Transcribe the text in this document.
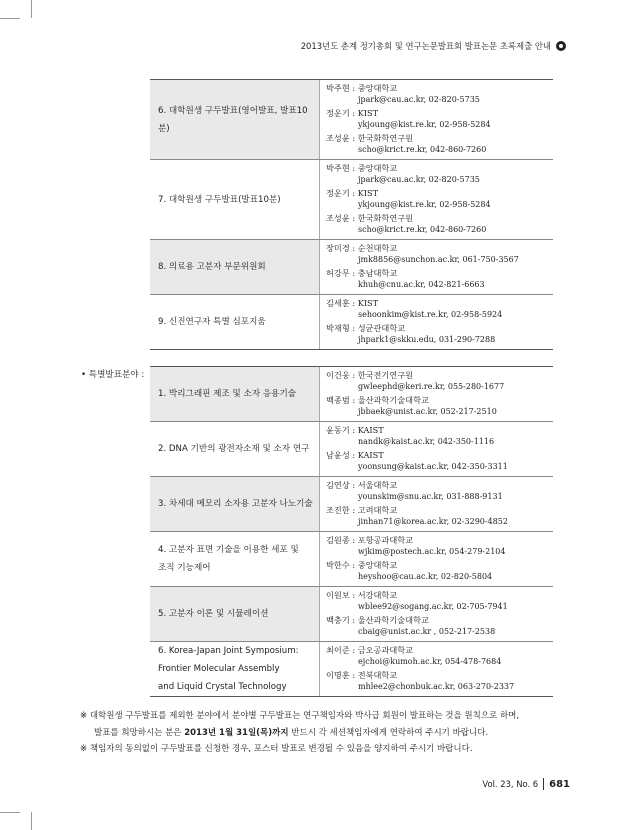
2013년도 춘계 정기총회 및 연구논문발표회 발표논문 초록제출 안내
6. 대학원생 구두발표(영어발표, 발표10분)
박주현 : 중앙대학교
jpark@cau.ac.kr, 02-820-5735
정운기 : KIST
ykjoung@kist.re.kr, 02-958-5284
조성윤 : 한국화학연구원
scho@krict.re.kr, 042-860-7260
7. 대학원생 구두발표(발표10분)
박주현 : 중앙대학교
jpark@cau.ac.kr, 02-820-5735
정운기 : KIST
ykjoung@kist.re.kr, 02-958-5284
조성윤 : 한국화학연구원
scho@krict.re.kr, 042-860-7260
8. 의료용 고분자 부문위원회
장미경 : 순천대학교
jmk8856@sunchon.ac.kr, 061-750-3567
허강무 : 충남대학교
khuh@cnu.ac.kr, 042-821-6663
9. 신진연구자 특별 심포지움
김세훈 : KIST
sehoonkim@kist.re.kr, 02-958-5924
박재형 : 성균관대학교
jhpark1@skku.edu, 031-290-7288
• 특별발표분야 :
1. 박리그래핀 제조 및 소자 응용기술
이건웅 : 한국전기연구원
gwleephd@keri.re.kr, 055-280-1677
백종범 : 울산과학기술대학교
jbbaek@unist.ac.kr, 052-217-2510
2. DNA 기반의 광전자소재 및 소자 연구
윤동기 : KAIST
nandk@kaist.ac.kr, 042-350-1116
남윤성 : KAIST
yoonsung@kaist.ac.kr, 042-350-3311
3. 차세대 메모리 소자용 고분자 나노기술
김연상 : 서울대학교
younskim@snu.ac.kr, 031-888-9131
조진한 : 고려대학교
jinhan71@korea.ac.kr, 02-3290-4852
4. 고분자 표면 기술을 이용한 세포 및
조직 기능제어
김원종 : 포항공과대학교
wjkim@postech.ac.kr, 054-279-2104
박한수 : 중앙대학교
heyshoo@cau.ac.kr, 02-820-5804
5. 고분자 이론 및 시뮬레이션
이원보 : 서강대학교
wblee92@sogang.ac.kr, 02-705-7941
백충기 : 울산과학기술대학교
cbaig@unist.ac.kr , 052-217-2538
6. Korea-Japan Joint Symposium:
Frontier Molecular Assembly
and Liquid Crystal Technology
최이준 : 금오공과대학교
ejchoi@kumoh.ac.kr, 054-478-7684
이명훈 : 전북대학교
mhlee2@chonbuk.ac.kr, 063-270-2337

※ 대학원생 구두발표를 제외한 분야에서 분야별 구두발표는 연구책임자와 박사급 회원이 발표하는 것을 원칙으로 하며,

발표를 희망하시는 분은 2013년 1월 31일(목)까지 반드시 각 세션책임자에게 연락하여 주시기 바랍니다.

※ 책임자의 동의없이 구두발표를 신청한 경우, 포스터 발표로 변경될 수 있음을 양지하여 주시기 바랍니다.

Vol. 23, No. 6 681
